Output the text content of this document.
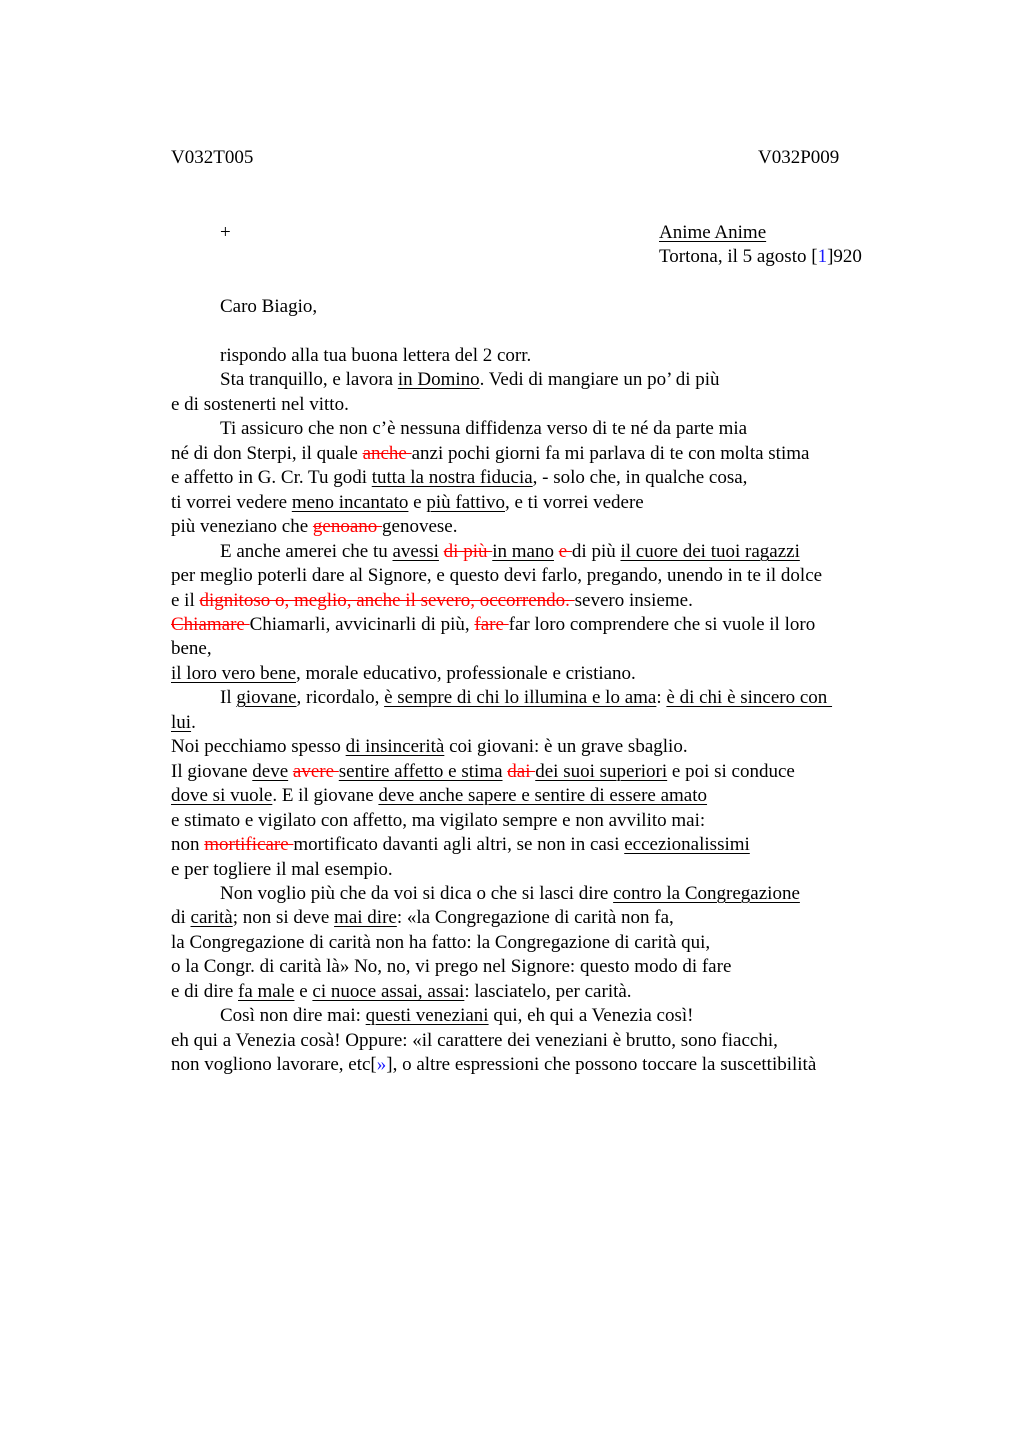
V032T005	V032P009
+	Anime Anime
Tortona, il 5 agosto [1]920
Caro Biagio,
rispondo alla tua buona lettera del 2 corr.
Sta tranquillo, e lavora in Domino. Vedi di mangiare un po’ di più
e di sostenerti nel vitto.
Ti assicuro che non c’è nessuna diffidenza verso di te né da parte mia
né di don Sterpi, il quale anche anzi pochi giorni fa mi parlava di te con molta stima
e affetto in G. Cr. Tu godi tutta la nostra fiducia, - solo che, in qualche cosa,
ti vorrei vedere meno incantato e più fattivo, e ti vorrei vedere
più veneziano che genoano genovese.
E anche amerei che tu avessi di più in mano e di più il cuore dei tuoi ragazzi
per meglio poterli dare al Signore, e questo devi farlo, pregando, unendo in te il dolce
e il dignitoso o, meglio, anche il severo, occorrendo. severo insieme.
Chiamare Chiamarli, avvicinarli di più, fare far loro comprendere che si vuole il loro
bene,
il loro vero bene, morale educativo, professionale e cristiano.
Il giovane, ricordalo, è sempre di chi lo illumina e lo ama: è di chi è sincero con
lui.
Noi pecchiamo spesso di insincerità coi giovani: è un grave sbaglio.
Il giovane deve avere sentire affetto e stima dai dei suoi superiori e poi si conduce
dove si vuole. E il giovane deve anche sapere e sentire di essere amato
e stimato e vigilato con affetto, ma vigilato sempre e non avvilito mai:
non mortificare mortificato davanti agli altri, se non in casi eccezionalissimi
e per togliere il mal esempio.
Non voglio più che da voi si dica o che si lasci dire contro la Congregazione
di carità; non si deve mai dire: «la Congregazione di carità non fa,
la Congregazione di carità non ha fatto: la Congregazione di carità qui,
o la Congr. di carità là» No, no, vi prego nel Signore: questo modo di fare
e di dire fa male e ci nuoce assai, assai: lasciatelo, per carità.
Così non dire mai: questi veneziani qui, eh qui a Venezia così!
eh qui a Venezia cosà! Oppure: «il carattere dei veneziani è brutto, sono fiacchi,
non vogliono lavorare, etc[»], o altre espressioni che possono toccare la suscettibilità
